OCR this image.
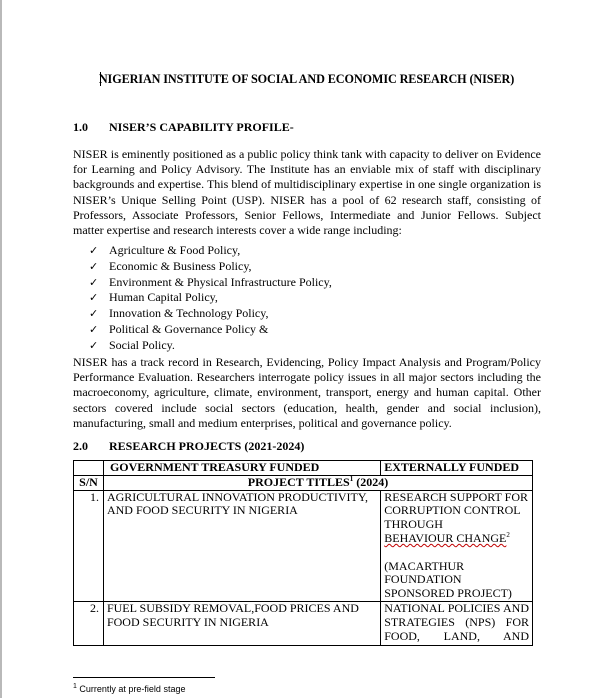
NIGERIAN INSTITUTE OF SOCIAL AND ECONOMIC RESEARCH (NISER)
1.0 NISER’S CAPABILITY PROFILE-

NISER is eminently positioned as a public policy think tank with capacity to deliver on Evidence for Learning and Policy Advisory. The Institute has an enviable mix of staff with disciplinary backgrounds and expertise. This blend of multidisciplinary expertise in one single organization is NISER’s Unique Selling Point (USP). NISER has a pool of 62 research staff, consisting of Professors, Associate Professors, Senior Fellows, Intermediate and Junior Fellows. Subject matter expertise and research interests cover a wide range including:

✓ Agriculture & Food Policy,
✓ Economic & Business Policy,
✓ Environment & Physical Infrastructure Policy,
✓ Human Capital Policy,
✓ Innovation & Technology Policy,
✓ Political & Governance Policy &
✓ Social Policy.

NISER has a track record in Research, Evidencing, Policy Impact Analysis and Program/Policy Performance Evaluation. Researchers interrogate policy issues in all major sectors including the macroeconomy, agriculture, climate, environment, transport, energy and human capital. Other sectors covered include social sectors (education, health, gender and social inclusion), manufacturing, small and medium enterprises, political and governance policy.

2.0 RESEARCH PROJECTS (2021-2024)
	GOVERNMENT TREASURY FUNDED	EXTERNALLY FUNDED
S/N	PROJECT TITLES$^1$ (2024)	
1.	AGRICULTURAL INNOVATION PRODUCTIVITY, AND FOOD SECURITY IN NIGERIA	RESEARCH SUPPORT FOR CORRUPTION CONTROL THROUGH
BEHAVIOUR CHANGE$^2$

(MACARTHUR FOUNDATION SPONSORED PROJECT)
2.	FUEL SUBSIDY REMOVAL,FOOD PRICES AND FOOD SECURITY IN NIGERIA	NATIONAL POLICIES AND STRATEGIES (NPS) FOR FOOD, LAND, AND
$^1$ Currently at pre-field stage
